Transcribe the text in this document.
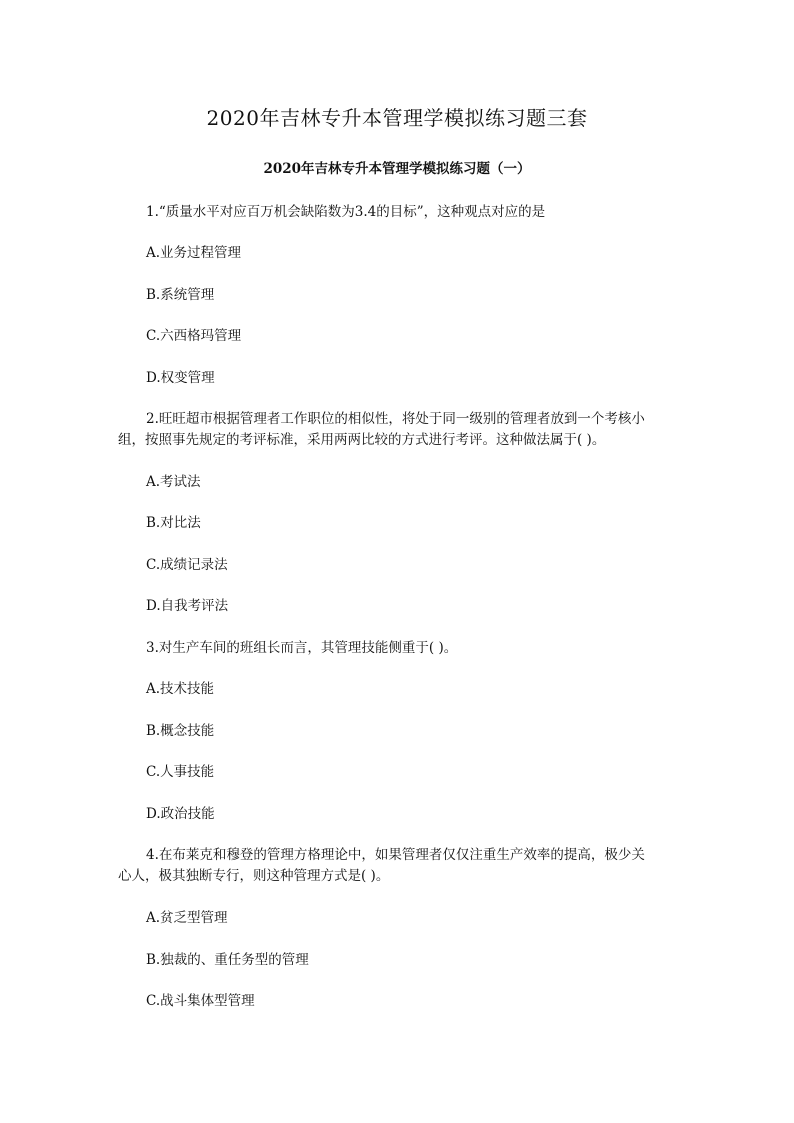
2020年吉林专升本管理学模拟练习题三套
2020年吉林专升本管理学模拟练习题（一）
1.“质量水平对应百万机会缺陷数为3.4的目标”，这种观点对应的是
A.业务过程管理
B.系统管理
C.六西格玛管理
D.权变管理
2.旺旺超市根据管理者工作职位的相似性，将处于同一级别的管理者放到一个考核小
组，按照事先规定的考评标准，采用两两比较的方式进行考评。这种做法属于( )。
A.考试法
B.对比法
C.成绩记录法
D.自我考评法
3.对生产车间的班组长而言，其管理技能侧重于( )。
A.技术技能
B.概念技能
C.人事技能
D.政治技能
4.在布莱克和穆登的管理方格理论中，如果管理者仅仅注重生产效率的提高，极少关
心人，极其独断专行，则这种管理方式是( )。
A.贫乏型管理
B.独裁的、重任务型的管理
C.战斗集体型管理
